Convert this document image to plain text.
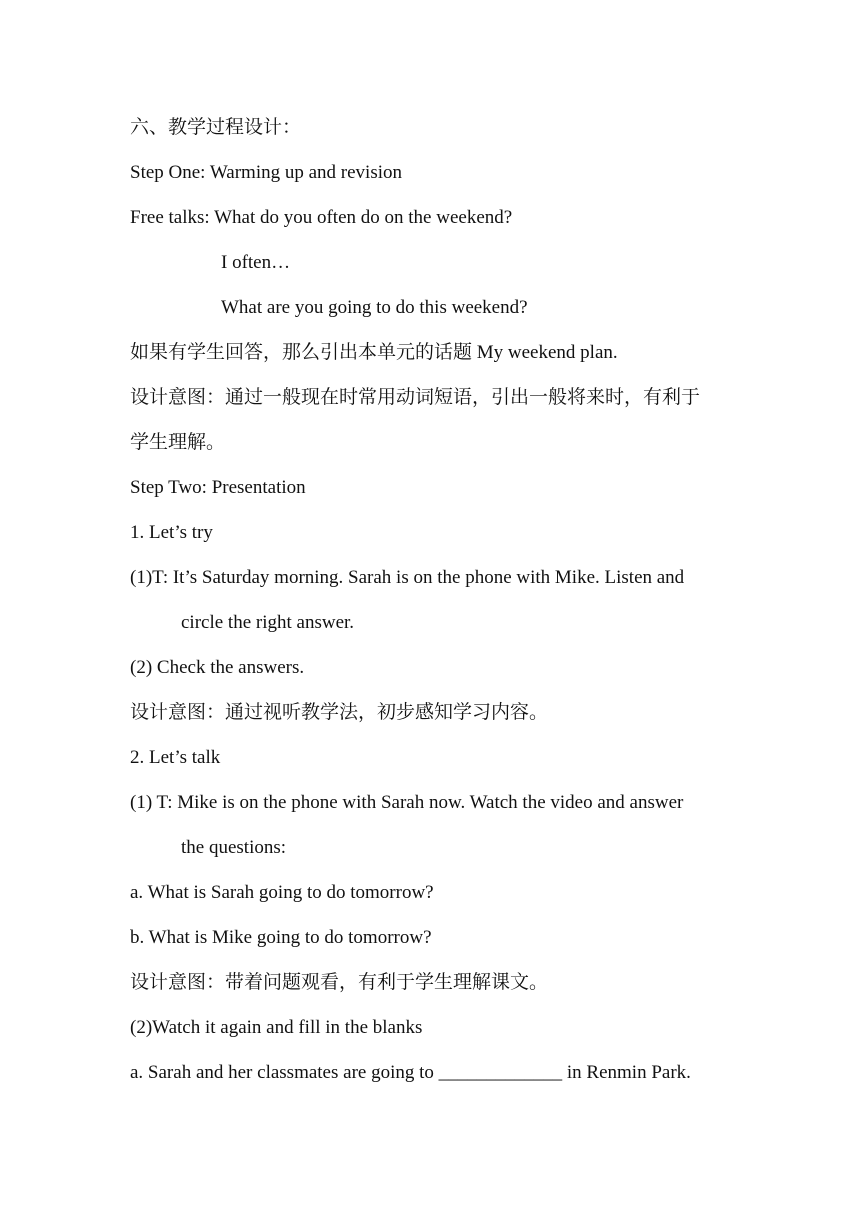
六、教学过程设计：
Step One: Warming up and revision
Free talks: What do you often do on the weekend?
I often…
What are you going to do this weekend?
如果有学生回答，那么引出本单元的话题 My weekend plan.
设计意图：通过一般现在时常用动词短语，引出一般将来时，有利于
学生理解。
Step Two: Presentation
1. Let’s try
(1)T: It’s Saturday morning. Sarah is on the phone with Mike. Listen and
circle the right answer.
(2) Check the answers.
设计意图：通过视听教学法，初步感知学习内容。
2. Let’s talk
(1) T: Mike is on the phone with Sarah now. Watch the video and answer
the questions:
a. What is Sarah going to do tomorrow?
b. What is Mike going to do tomorrow?
设计意图：带着问题观看，有利于学生理解课文。
(2)Watch it again and fill in the blanks
a. Sarah and her classmates are going to _____________ in Renmin Park.
